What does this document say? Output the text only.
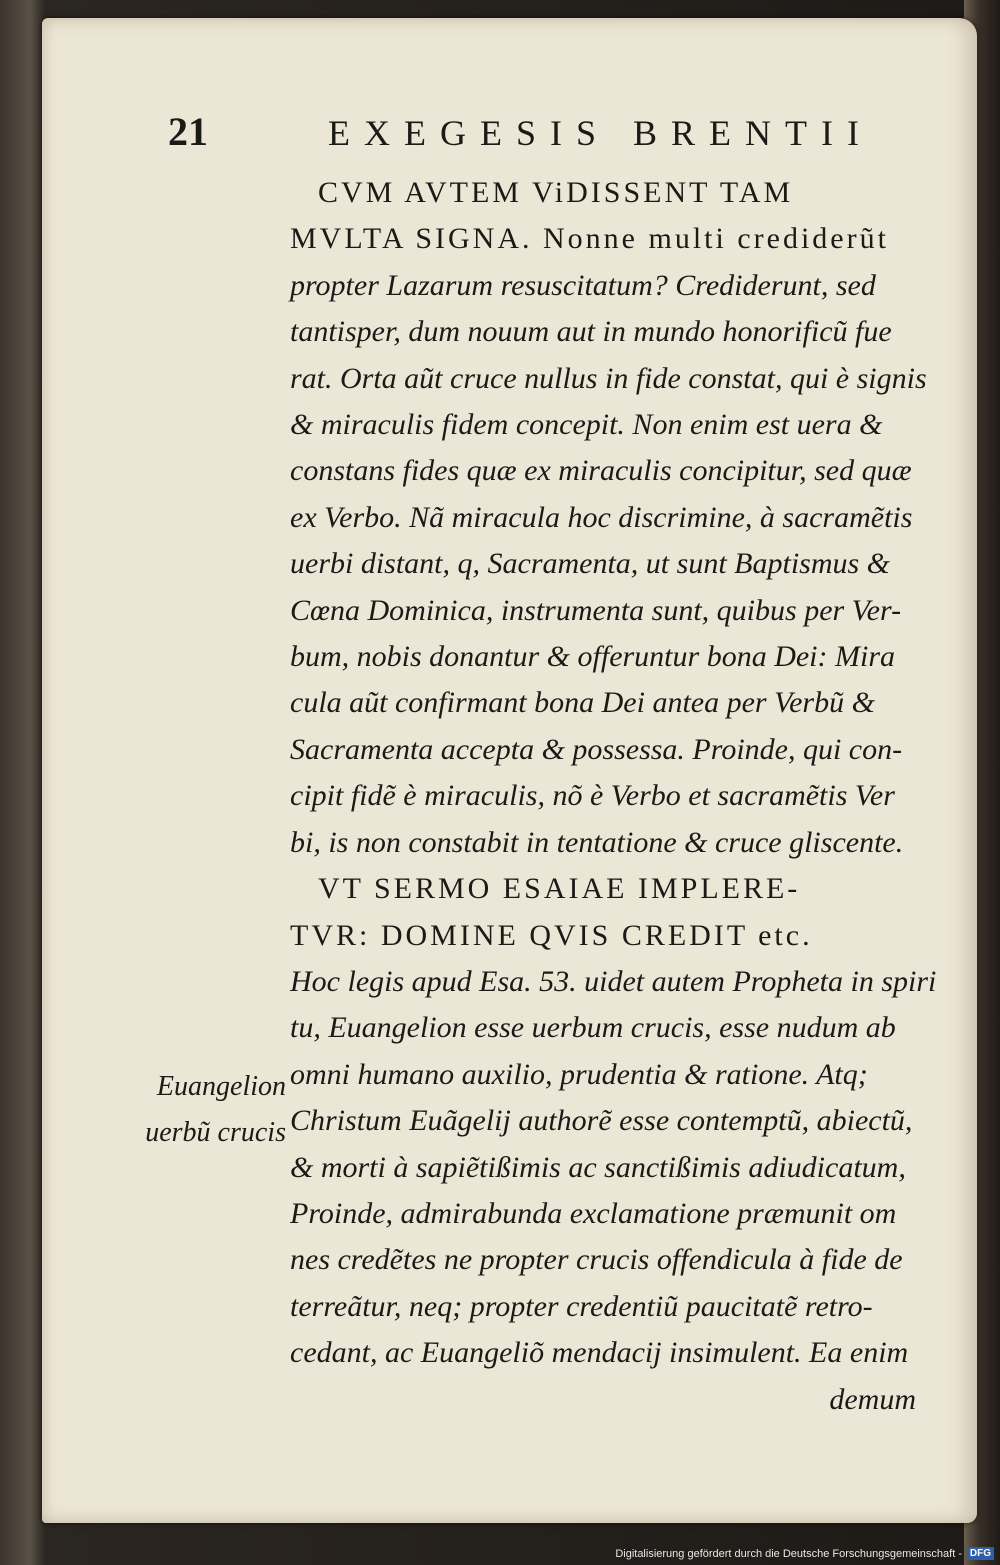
21	EXEGESIS BRENTII
CVM AVTEM ViDISSENT TAM
MVLTA SIGNA. Nonne multi crediderũt
propter Lazarum resuscitatum? Crediderunt, sed
tantisper, dum nouum aut in mundo honorificũ fue
rat. Orta aũt cruce nullus in fide constat, qui è signis
& miraculis fidem concepit. Non enim est uera &
constans fides quæ ex miraculis concipitur, sed quæ
ex Verbo. Nã miracula hoc discrimine, à sacramẽtis
uerbi distant, q, Sacramenta, ut sunt Baptismus &
Cœna Dominica, instrumenta sunt, quibus per Ver-
bum, nobis donantur & offeruntur bona Dei: Mira
cula aũt confirmant bona Dei antea per Verbũ &
Sacramenta accepta & possessa. Proinde, qui con-
cipit fidẽ è miraculis, nõ è Verbo et sacramẽtis Ver
bi, is non constabit in tentatione & cruce gliscente.
VT SERMO ESAIAE IMPLERE-
TVR: DOMINE QVIS CREDIT etc.
Hoc legis apud Esa. 53. uidet autem Propheta in spiri
tu, Euangelion esse uerbum crucis, esse nudum ab
omni humano auxilio, prudentia & ratione. Atq;
Christum Euãgelij authorẽ esse contemptũ, abiectũ,
& morti à sapiẽtißimis ac sanctißimis adiudicatum,
Proinde, admirabunda exclamatione præmunit om
nes credẽtes ne propter crucis offendicula à fide de
terreãtur, neq; propter credentiũ paucitatẽ retro-
cedant, ac Euangeliõ mendacij insimulent. Ea enim
demum
Euangelion
uerbũ crucis
Digitalisierung gefördert durch die Deutsche Forschungsgemeinschaft - DFG
